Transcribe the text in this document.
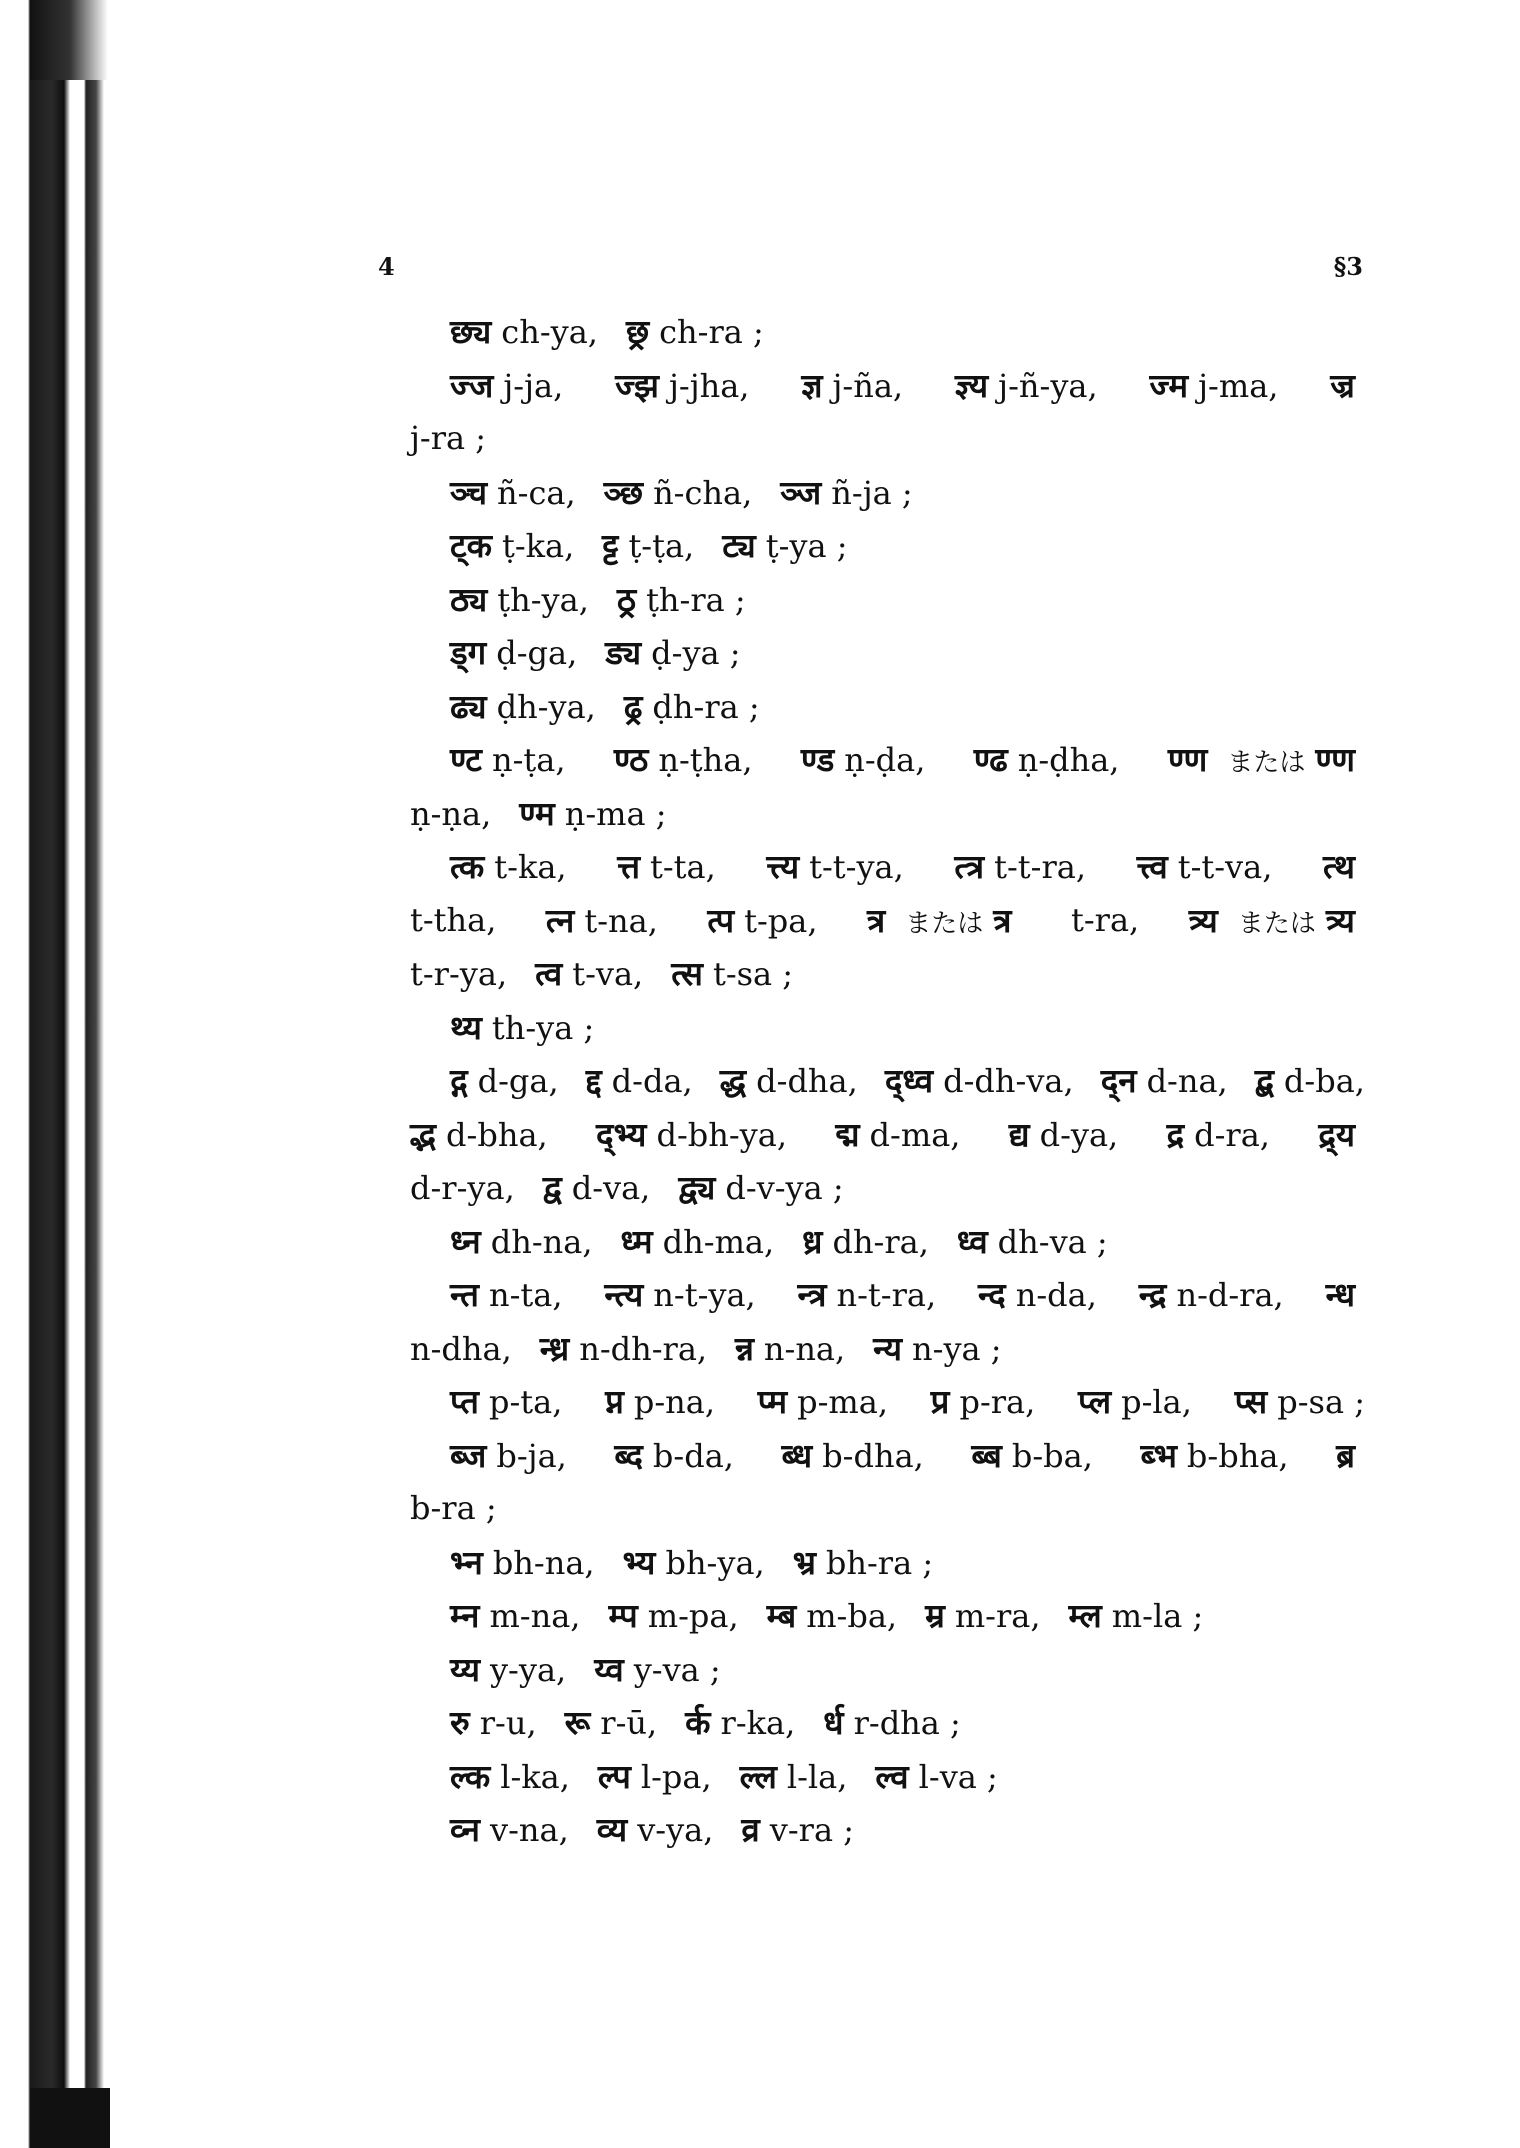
4	§3
छ्य ch-ya, छ्र ch-ra ;
ज्ज j-ja, ज्झ j-jha, ज्ञ j-ña, ज्ञ्य j-ñ-ya, ज्म j-ma, ज्र
j-ra ;
ञ्च ñ-ca, ञ्छ ñ-cha, ञ्ज ñ-ja ;
ट्क ṭ-ka, ट्ट ṭ-ṭa, ट्य ṭ-ya ;
ठ्य ṭh-ya, ठ्र ṭh-ra ;
ड्ग ḍ-ga, ड्य ḍ-ya ;
ढ्य ḍh-ya, ढ्र ḍh-ra ;
ण्ट ṇ-ṭa, ण्ठ ṇ-ṭha, ण्ड ṇ-ḍa, ण्ढ ṇ-ḍha, ण्ण または ण्ण
ṇ-ṇa, ण्म ṇ-ma ;
त्क t-ka, त्त t-ta, त्त्य t-t-ya, त्त्र t-t-ra, त्त्व t-t-va, त्थ
t-tha, त्न t-na, त्प t-pa, त्र または त्र	t-ra, त्र्य または त्र्य
t-r-ya, त्व t-va, त्स t-sa ;
थ्य th-ya ;
द्ग d-ga, द्द d-da, द्ध d-dha, द्ध्व d-dh-va, द्न d-na, द्ब d-ba,
द्भ d-bha, द्भ्य d-bh-ya, द्म d-ma, द्य d-ya, द्र d-ra, द्र्य
d-r-ya, द्व d-va, द्व्य d-v-ya ;
ध्न dh-na, ध्म dh-ma, ध्र dh-ra, ध्व dh-va ;
न्त n-ta, न्त्य n-t-ya, न्त्र n-t-ra, न्द n-da, न्द्र n-d-ra, न्ध
n-dha, न्ध्र n-dh-ra, न्न n-na, न्य n-ya ;
प्त p-ta, प्न p-na, प्म p-ma, प्र p-ra, प्ल p-la, प्स p-sa ;
ब्ज b-ja, ब्द b-da, ब्ध b-dha, ब्ब b-ba, ब्भ b-bha, ब्र
b-ra ;
भ्न bh-na, भ्य bh-ya, भ्र bh-ra ;
म्न m-na, म्प m-pa, म्ब m-ba, म्र m-ra, म्ल m-la ;
य्य y-ya, य्व y-va ;
रु r-u, रू r-ū, र्क r-ka, र्ध r-dha ;
ल्क l-ka, ल्प l-pa, ल्ल l-la, ल्व l-va ;
व्न v-na, व्य v-ya, व्र v-ra ;
